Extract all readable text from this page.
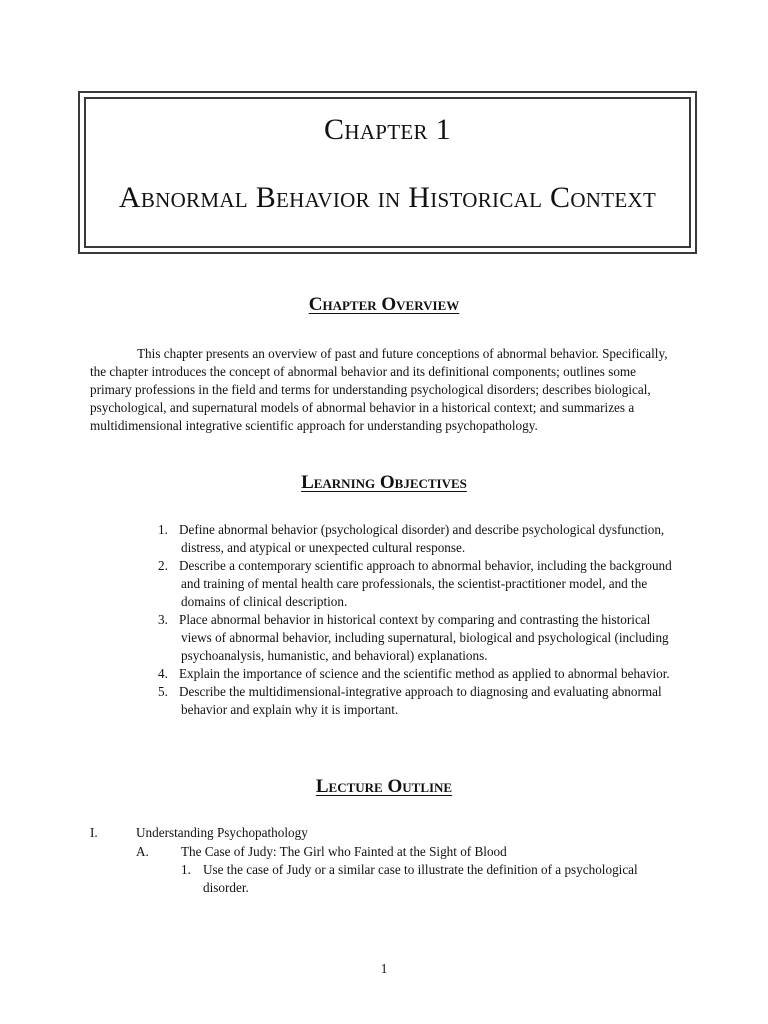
Chapter 1
Abnormal Behavior in Historical Context
Chapter Overview

This chapter presents an overview of past and future conceptions of abnormal behavior. Specifically, the chapter introduces the concept of abnormal behavior and its definitional components; outlines some primary professions in the field and terms for understanding psychological disorders; describes biological, psychological, and supernatural models of abnormal behavior in a historical context; and summarizes a multidimensional integrative scientific approach for understanding psychopathology.

Learning Objectives
1. Define abnormal behavior (psychological disorder) and describe psychological dysfunction, distress, and atypical or unexpected cultural response.
2. Describe a contemporary scientific approach to abnormal behavior, including the background and training of mental health care professionals, the scientist-practitioner model, and the domains of clinical description.
3. Place abnormal behavior in historical context by comparing and contrasting the historical views of abnormal behavior, including supernatural, biological and psychological (including psychoanalysis, humanistic, and behavioral) explanations.
4. Explain the importance of science and the scientific method as applied to abnormal behavior.
5. Describe the multidimensional-integrative approach to diagnosing and evaluating abnormal behavior and explain why it is important.
Lecture Outline

I.	Understanding Psychopathology

A. The Case of Judy: The Girl who Fainted at the Sight of Blood

1. Use the case of Judy or a similar case to illustrate the definition of a psychological disorder.

1
